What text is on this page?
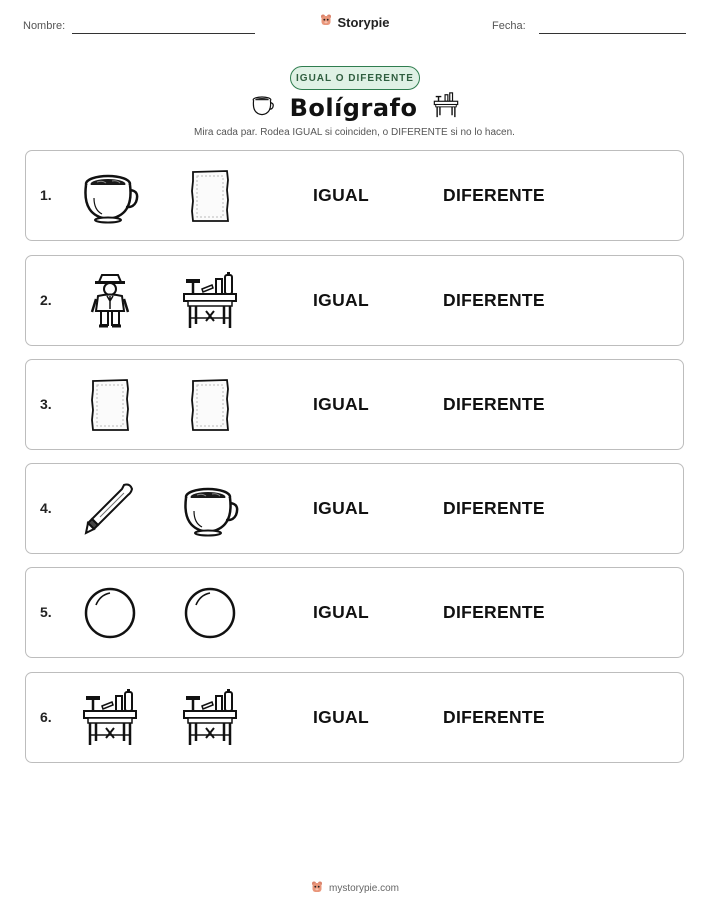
Nombre:	Storypie	Fecha:
IGUAL O DIFERENTE
Bolígrafo
Mira cada par. Rodea IGUAL si coinciden, o DIFERENTE si no lo hacen.
1.	IGUAL	DIFERENTE
2.	IGUAL	DIFERENTE
3.	IGUAL	DIFERENTE
4.	IGUAL	DIFERENTE
5.	IGUAL	DIFERENTE
6.	IGUAL	DIFERENTE
mystorypie.com
